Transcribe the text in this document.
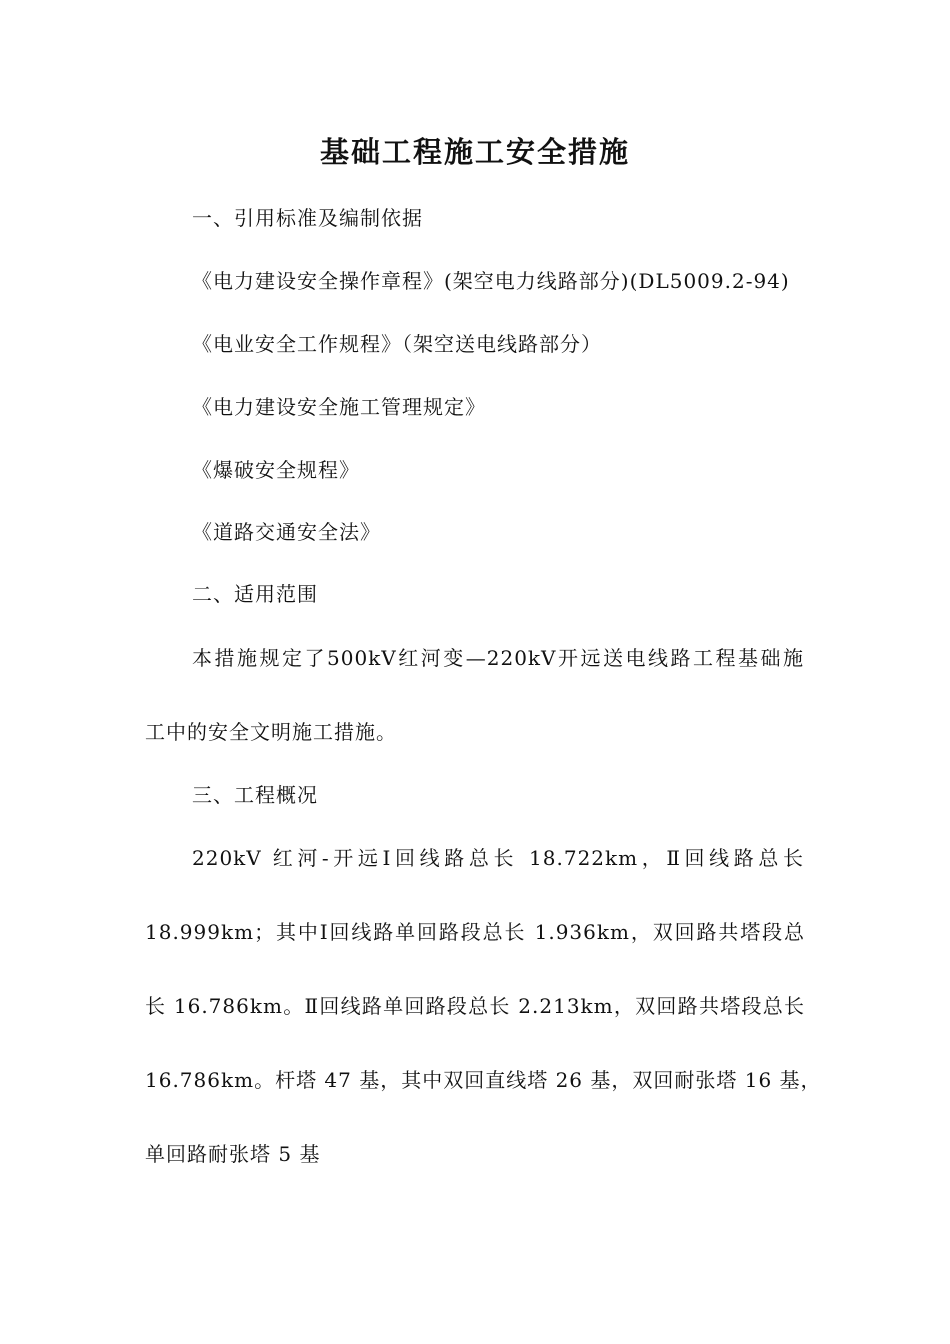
基础工程施工安全措施
一、引用标准及编制依据
《电力建设安全操作章程》(架空电力线路部分)(DL5009.2-94)
《电业安全工作规程》（架空送电线路部分）
《电力建设安全施工管理规定》
《爆破安全规程》
《道路交通安全法》
二、适用范围
本措施规定了500kV红河变—220kV开远送电线路工程基础施
工中的安全文明施工措施。
三、工程概况
220kV 红河-开远Ⅰ回线路总长 18.722km，Ⅱ回线路总长
18.999km；其中Ⅰ回线路单回路段总长 1.936km，双回路共塔段总
长 16.786km。Ⅱ回线路单回路段总长 2.213km，双回路共塔段总长
16.786km。杆塔 47 基，其中双回直线塔 26 基，双回耐张塔 16 基，
单回路耐张塔 5 基
